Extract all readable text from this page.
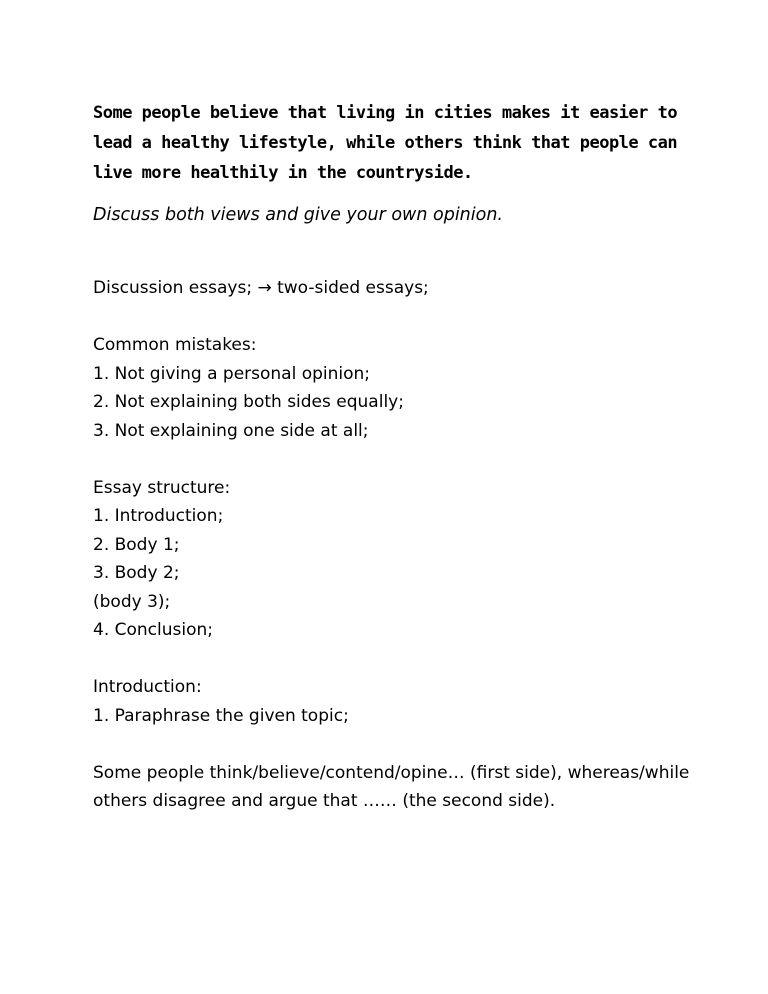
Some people believe that living in cities makes it easier to lead a healthy lifestyle, while others think that people can live more healthily in the countryside.

Discuss both views and give your own opinion.

Discussion essays; → two-sided essays;

Common mistakes:
1. Not giving a personal opinion;
2. Not explaining both sides equally;
3. Not explaining one side at all;
Essay structure:
1. Introduction;
2. Body 1;
3. Body 2;
(body 3);
4. Conclusion;
Introduction:
1. Paraphrase the given topic;

Some people think/believe/contend/opine… (first side), whereas/while others disagree and argue that …… (the second side).
